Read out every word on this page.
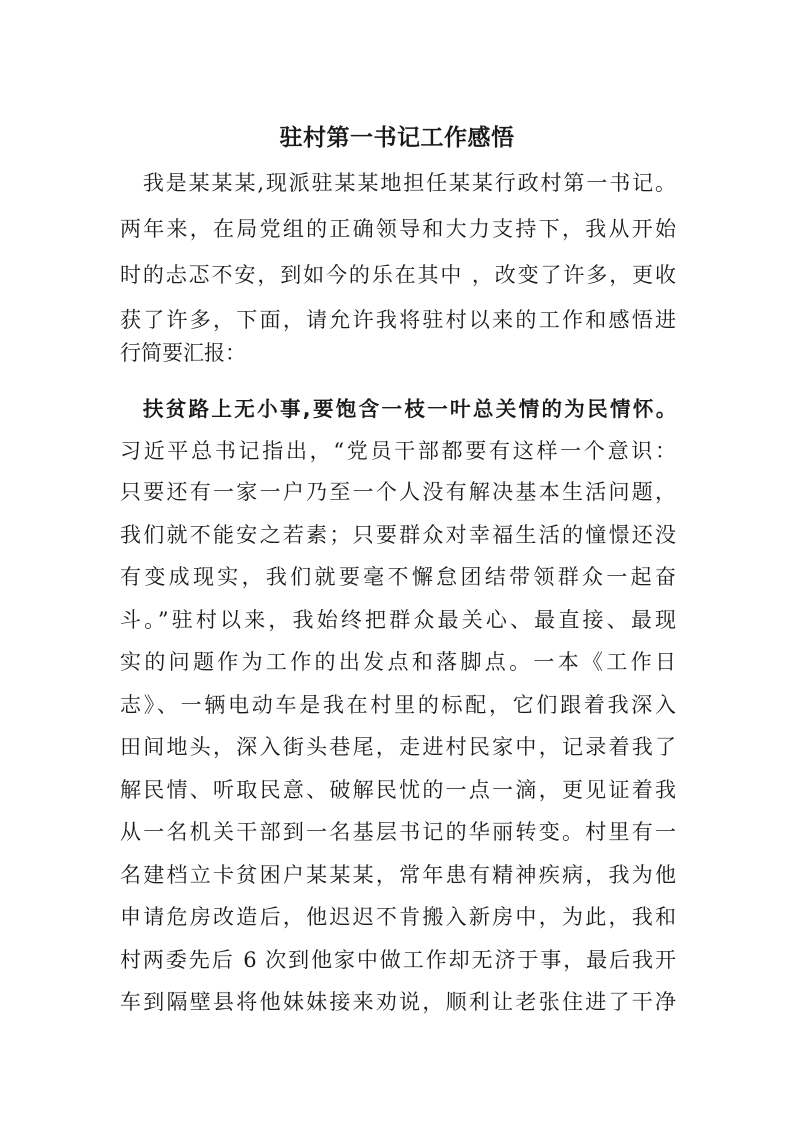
驻村第一书记工作感悟

　我是某某某,现派驻某某地担任某某行政村第一书记。

两年来，在局党组的正确领导和大力支持下，我从开始

时的忐忑不安，到如今的乐在其中 ，改变了许多，更收

获了许多，下面，请允许我将驻村以来的工作和感悟进

行简要汇报：

　扶贫路上无小事,要饱含一枝一叶总关情的为民情怀。

习近平总书记指出，“党员干部都要有这样一个意识：

只要还有一家一户乃至一个人没有解决基本生活问题，

我们就不能安之若素；只要群众对幸福生活的憧憬还没

有变成现实，我们就要毫不懈怠团结带领群众一起奋

斗。”驻村以来，我始终把群众最关心、最直接、最现

实的问题作为工作的出发点和落脚点。一本《工作日

志》、一辆电动车是我在村里的标配，它们跟着我深入

田间地头，深入街头巷尾，走进村民家中，记录着我了

解民情、听取民意、破解民忧的一点一滴，更见证着我

从一名机关干部到一名基层书记的华丽转变。村里有一

名建档立卡贫困户某某某，常年患有精神疾病，我为他

申请危房改造后，他迟迟不肯搬入新房中，为此，我和

村两委先后 6 次到他家中做工作却无济于事，最后我开

车到隔壁县将他妹妹接来劝说，顺利让老张住进了干净
